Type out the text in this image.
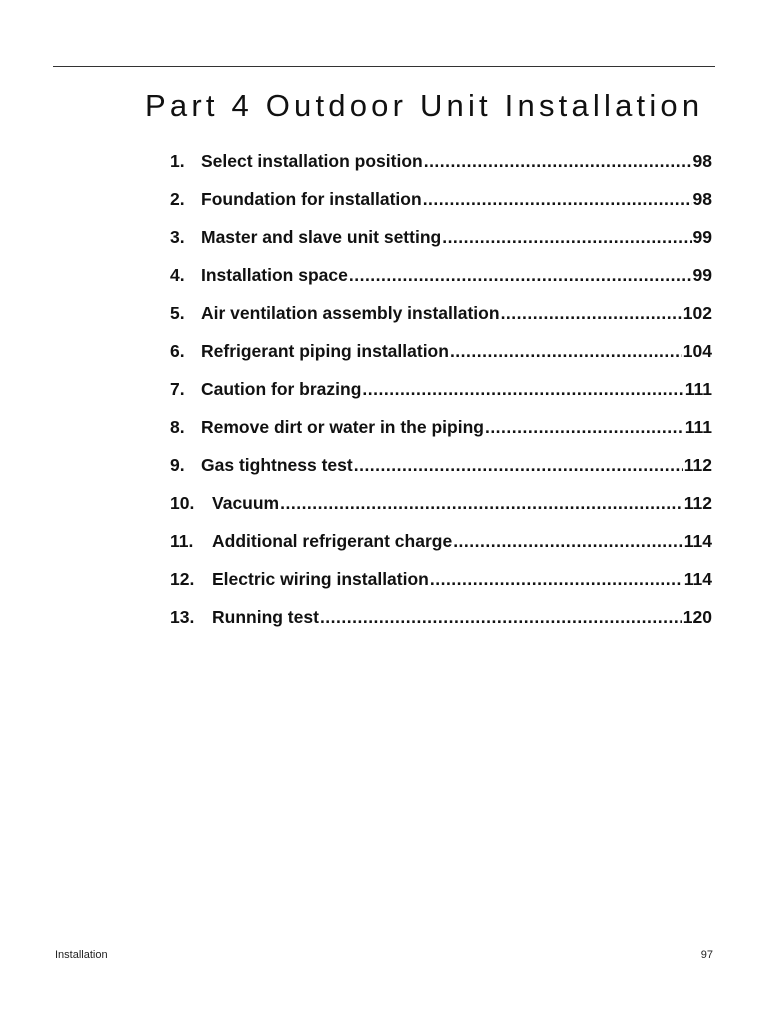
Part 4 Outdoor Unit Installation
1. Select installation position .....	98
2. Foundation for installation .....	98
3. Master and slave unit setting .....	99
4. Installation space .....	99
5. Air ventilation assembly installation .....	102
6. Refrigerant piping installation .....	104
7. Caution for brazing .....	111
8. Remove dirt or water in the piping .....	111
9. Gas tightness test .....	112
10.	Vacuum .....	112
11.	Additional refrigerant charge .....	114
12.	Electric wiring installation .....	114
13.	Running test .....	120
Installation	97
